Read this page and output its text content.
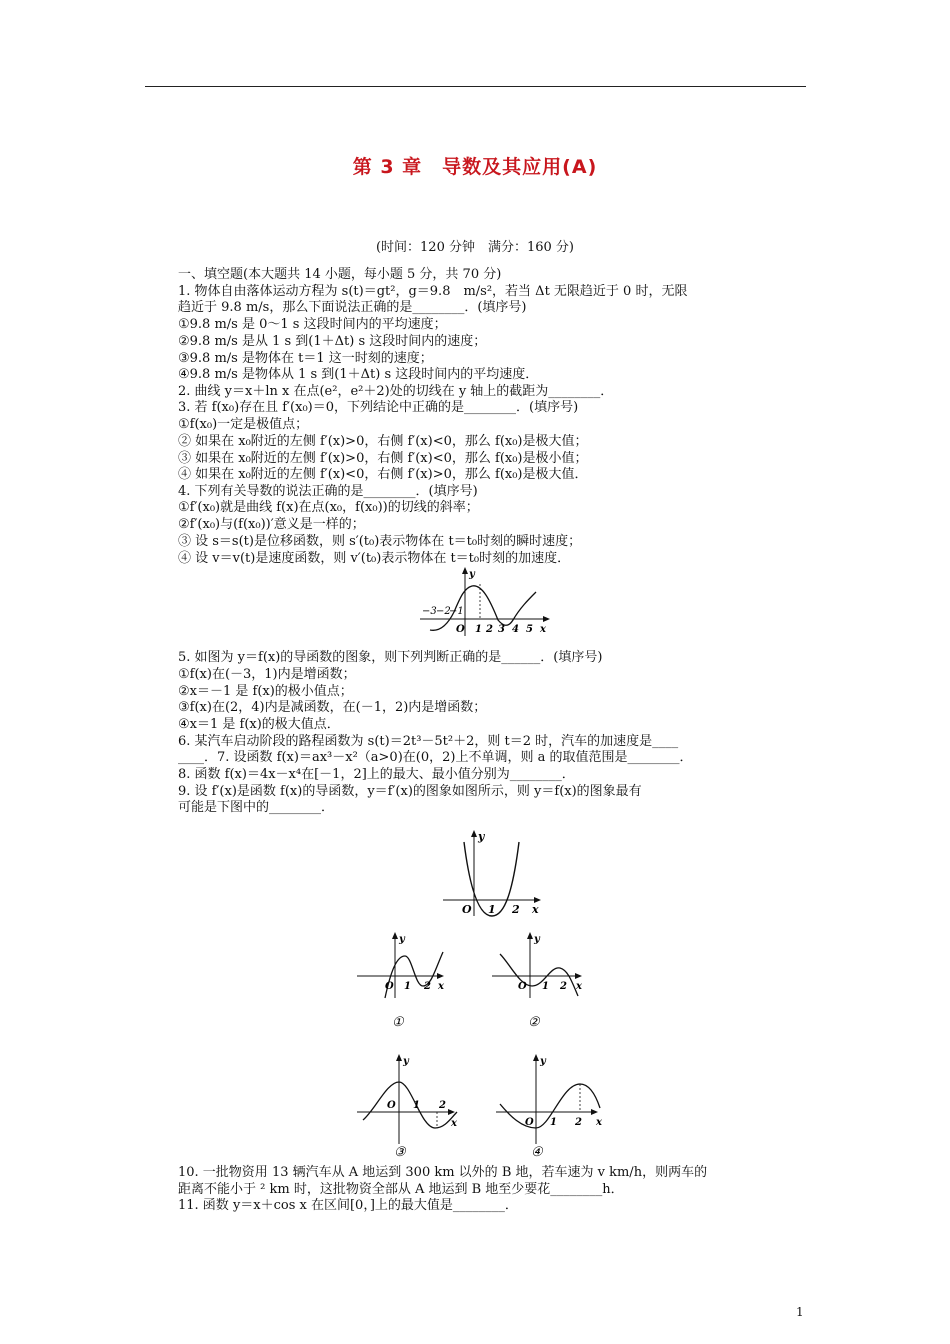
第 3 章　导数及其应用(A)
(时间：120 分钟　满分：160 分)
一、填空题(本大题共 14 小题，每小题 5 分，共 70 分)
1. 物体自由落体运动方程为 s(t)＝gt²，g＝9.8　m/s²，若当 Δt 无限趋近于 0 时，无限
趋近于 9.8 m/s，那么下面说法正确的是________．(填序号)
①9.8 m/s 是 0～1 s 这段时间内的平均速度；
②9.8 m/s 是从 1 s 到(1＋Δt) s 这段时间内的速度；
③9.8 m/s 是物体在 t＝1 这一时刻的速度；
④9.8 m/s 是物体从 1 s 到(1＋Δt) s 这段时间内的平均速度．
2. 曲线 y＝x＋ln x 在点(e²，e²＋2)处的切线在 y 轴上的截距为________．
3. 若 f(x₀)存在且 f′(x₀)＝0，下列结论中正确的是________．(填序号)
①f(x₀)一定是极值点；
② 如果在 x₀附近的左侧 f′(x)>0，右侧 f′(x)<0，那么 f(x₀)是极大值；
③ 如果在 x₀附近的左侧 f′(x)>0，右侧 f′(x)<0，那么 f(x₀)是极小值；
④ 如果在 x₀附近的左侧 f′(x)<0，右侧 f′(x)>0，那么 f(x₀)是极大值．
4. 下列有关导数的说法正确的是________．(填序号)
①f′(x₀)就是曲线 f(x)在点(x₀，f(x₀))的切线的斜率；
②f′(x₀)与(f(x₀))′意义是一样的；
③ 设 s＝s(t)是位移函数，则 s′(t₀)表示物体在 t＝t₀时刻的瞬时速度；
④ 设 v＝v(t)是速度函数，则 v′(t₀)表示物体在 t＝t₀时刻的加速度．
−3 −2
−1
O 1 2 3 4 5 x
y
5. 如图为 y＝f(x)的导函数的图象，则下列判断正确的是______．(填序号)
①f(x)在(－3，1)内是增函数；
②x＝－1 是 f(x)的极小值点；
③f(x)在(2，4)内是减函数，在(－1，2)内是增函数；
④x＝1 是 f(x)的极大值点．
6. 某汽车启动阶段的路程函数为 s(t)＝2t³－5t²＋2，则 t＝2 时，汽车的加速度是____
____．7. 设函数 f(x)＝ax³－x²（a>0)在(0，2)上不单调，则 a 的取值范围是________．
8. 函数 f(x)＝4x－x⁴在[－1，2]上的最大、最小值分别为________．
9. 设 f′(x)是函数 f(x)的导函数，y＝f′(x)的图象如图所示，则 y＝f(x)的图象最有
可能是下图中的________．
O 1 2 x
y
O 1 2 x
y
①
O 1 2 x
y
②
O 1 2
x
y
③
O 1 2 x
y
④
10. 一批物资用 13 辆汽车从 A 地运到 300 km 以外的 B 地，若车速为 v km/h，则两车的
距离不能小于 ² km 时，这批物资全部从 A 地运到 B 地至少要花________h．
11. 函数 y＝x＋cos x 在区间[0，]上的最大值是________．
1
